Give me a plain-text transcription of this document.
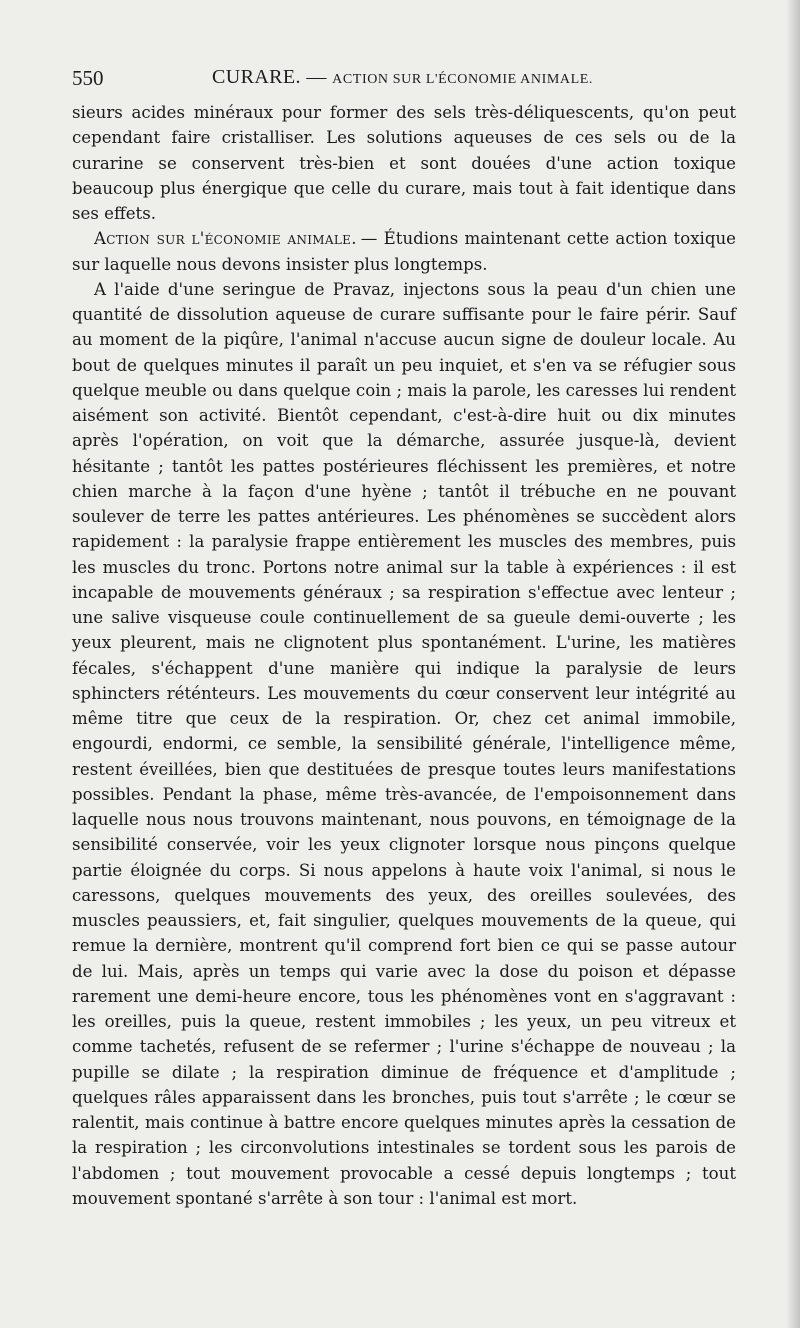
550	CURARE. — ACTION SUR L'ÉCONOMIE ANIMALE.

sieurs acides minéraux pour former des sels très-déliquescents, qu'on peut cependant faire cristalliser. Les solutions aqueuses de ces sels ou de la curarine se conservent très-bien et sont douées d'une action toxique beaucoup plus énergique que celle du curare, mais tout à fait identique dans ses effets.

Action sur l'économie animale. — Étudions maintenant cette action toxique sur laquelle nous devons insister plus longtemps.

A l'aide d'une seringue de Pravaz, injectons sous la peau d'un chien une quantité de dissolution aqueuse de curare suffisante pour le faire périr. Sauf au moment de la piqûre, l'animal n'accuse aucun signe de douleur locale. Au bout de quelques minutes il paraît un peu inquiet, et s'en va se réfugier sous quelque meuble ou dans quelque coin ; mais la parole, les caresses lui rendent aisément son activité. Bientôt cependant, c'est-à-dire huit ou dix minutes après l'opération, on voit que la démarche, assurée jusque-là, devient hésitante ; tantôt les pattes postérieures fléchissent les premières, et notre chien marche à la façon d'une hyène ; tantôt il trébuche en ne pouvant soulever de terre les pattes antérieures. Les phénomènes se succèdent alors rapidement : la paralysie frappe entièrement les muscles des membres, puis les muscles du tronc. Portons notre animal sur la table à expériences : il est incapable de mouvements généraux ; sa respiration s'effectue avec lenteur ; une salive visqueuse coule continuellement de sa gueule demi-ouverte ; les yeux pleurent, mais ne clignotent plus spontanément. L'urine, les matières fécales, s'échappent d'une manière qui indique la paralysie de leurs sphincters réténteurs. Les mouvements du cœur conservent leur intégrité au même titre que ceux de la respiration. Or, chez cet animal immobile, engourdi, endormi, ce semble, la sensibilité générale, l'intelligence même, restent éveillées, bien que destituées de presque toutes leurs manifestations possibles. Pendant la phase, même très-avancée, de l'empoisonnement dans laquelle nous nous trouvons maintenant, nous pouvons, en témoignage de la sensibilité conservée, voir les yeux clignoter lorsque nous pinçons quelque partie éloignée du corps. Si nous appelons à haute voix l'animal, si nous le caressons, quelques mouvements des yeux, des oreilles soulevées, des muscles peaussiers, et, fait singulier, quelques mouvements de la queue, qui remue la dernière, montrent qu'il comprend fort bien ce qui se passe autour de lui. Mais, après un temps qui varie avec la dose du poison et dépasse rarement une demi-heure encore, tous les phénomènes vont en s'aggravant : les oreilles, puis la queue, restent immobiles ; les yeux, un peu vitreux et comme tachetés, refusent de se refermer ; l'urine s'échappe de nouveau ; la pupille se dilate ; la respiration diminue de fréquence et d'amplitude ; quelques râles apparaissent dans les bronches, puis tout s'arrête ; le cœur se ralentit, mais continue à battre encore quelques minutes après la cessation de la respiration ; les circonvolutions intestinales se tordent sous les parois de l'abdomen ; tout mouvement provocable a cessé depuis longtemps ; tout mouvement spontané s'arrête à son tour : l'animal est mort.
